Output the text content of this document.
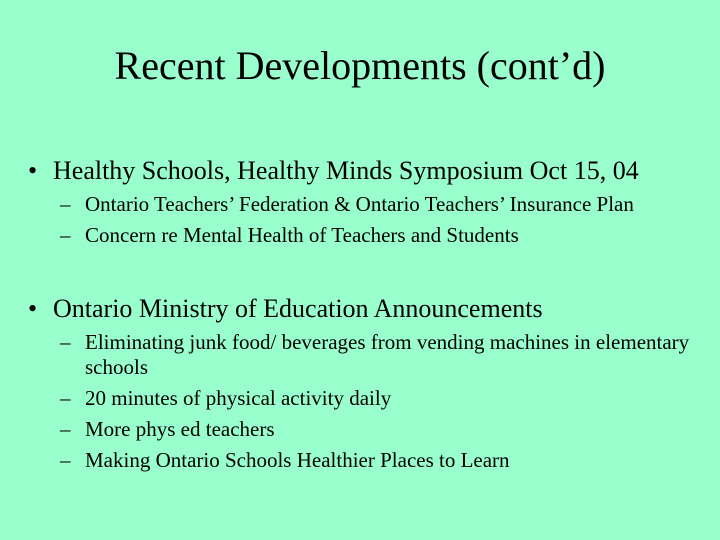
Recent Developments (cont’d)
• Healthy Schools, Healthy Minds Symposium Oct 15, 04
– Ontario Teachers’ Federation & Ontario Teachers’ Insurance Plan
– Concern re Mental Health of Teachers and Students
• Ontario Ministry of Education Announcements
– Eliminating junk food/ beverages from vending machines in elementary schools
– 20 minutes of physical activity daily
– More phys ed teachers
– Making Ontario Schools Healthier Places to Learn
